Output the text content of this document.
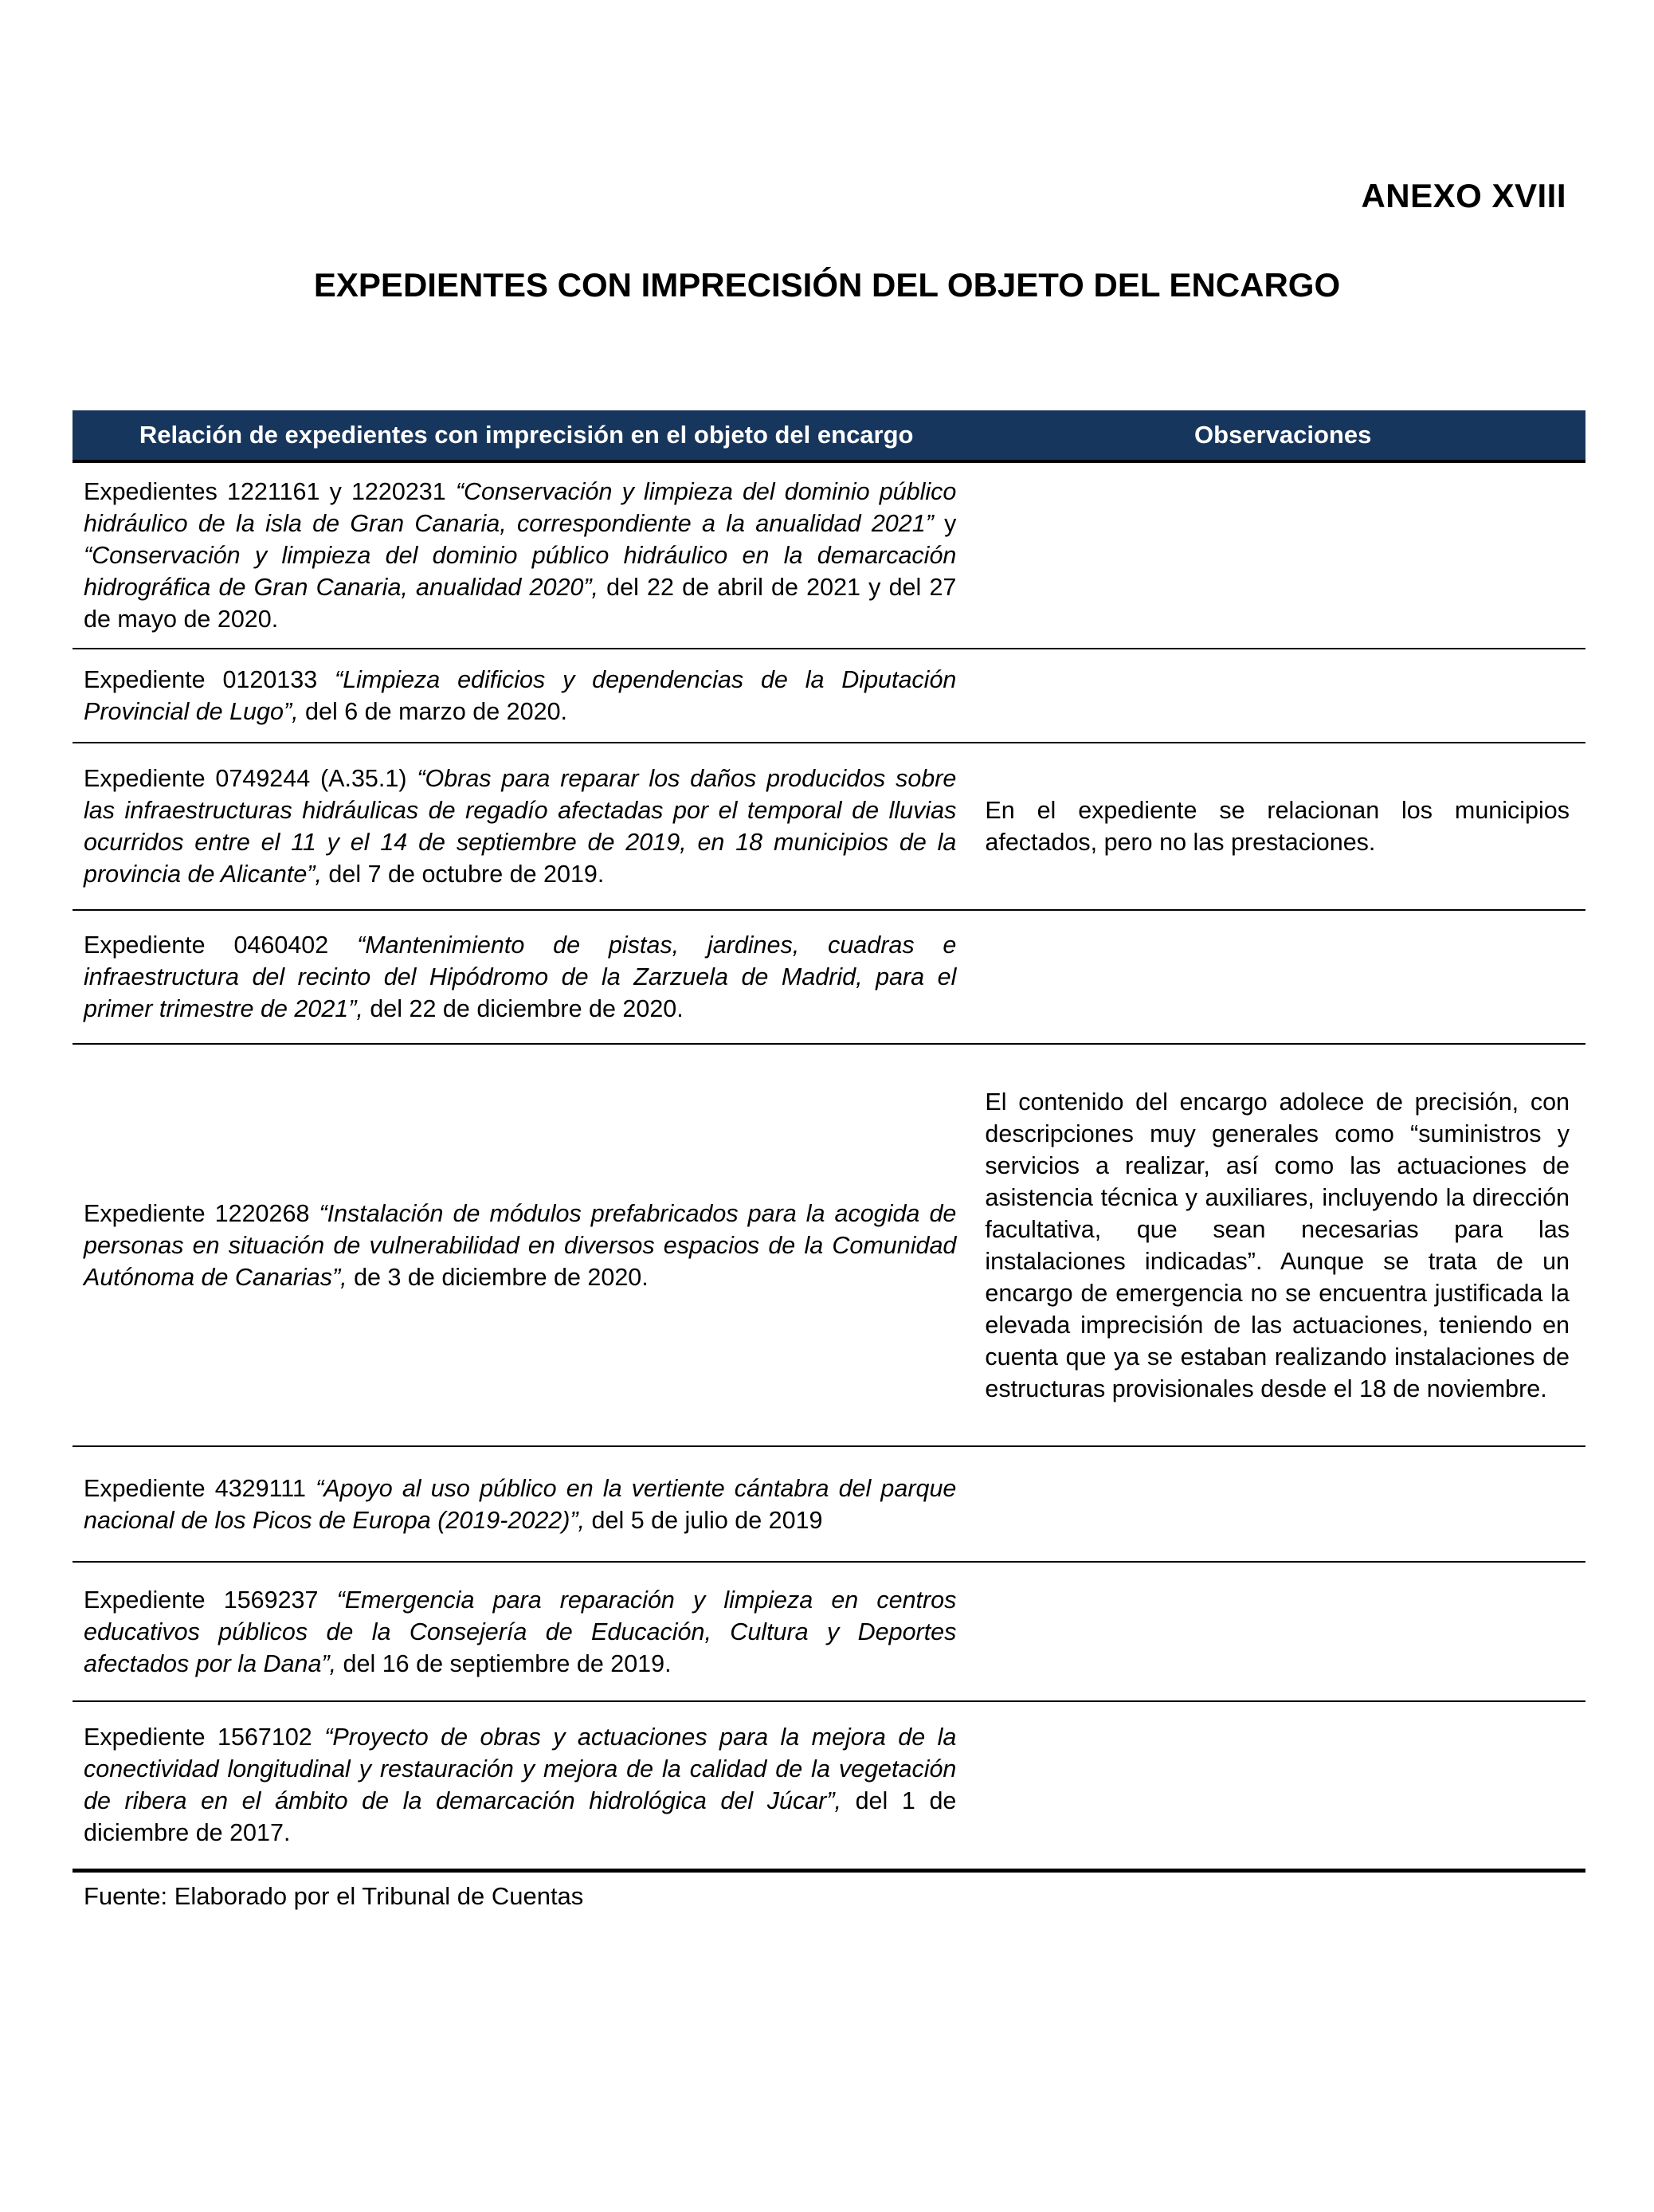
ANEXO XVIII
EXPEDIENTES CON IMPRECISIÓN DEL OBJETO DEL ENCARGO
Relación de expedientes con imprecisión en el objeto del encargo	Observaciones
Expedientes 1221161 y 1220231 “Conservación y limpieza del dominio público hidráulico de la isla de Gran Canaria, correspondiente a la anualidad 2021” y “Conservación y limpieza del dominio público hidráulico en la demarcación hidrográfica de Gran Canaria, anualidad 2020”, del 22 de abril de 2021 y del 27 de mayo de 2020.	
Expediente 0120133 “Limpieza edificios y dependencias de la Diputación Provincial de Lugo”, del 6 de marzo de 2020.	
Expediente 0749244 (A.35.1) “Obras para reparar los daños producidos sobre las infraestructuras hidráulicas de regadío afectadas por el temporal de lluvias ocurridos entre el 11 y el 14 de septiembre de 2019, en 18 municipios de la provincia de Alicante”, del 7 de octubre de 2019.	En el expediente se relacionan los municipios afectados, pero no las prestaciones.
Expediente 0460402 “Mantenimiento de pistas, jardines, cuadras e infraestructura del recinto del Hipódromo de la Zarzuela de Madrid, para el primer trimestre de 2021”, del 22 de diciembre de 2020.	
Expediente 1220268 “Instalación de módulos prefabricados para la acogida de personas en situación de vulnerabilidad en diversos espacios de la Comunidad Autónoma de Canarias”, de 3 de diciembre de 2020.	El contenido del encargo adolece de precisión, con descripciones muy generales como “suministros y servicios a realizar, así como las actuaciones de asistencia técnica y auxiliares, incluyendo la dirección facultativa, que sean necesarias para las instalaciones indicadas”. Aunque se trata de un encargo de emergencia no se encuentra justificada la elevada imprecisión de las actuaciones, teniendo en cuenta que ya se estaban realizando instalaciones de estructuras provisionales desde el 18 de noviembre.
Expediente 4329111 “Apoyo al uso público en la vertiente cántabra del parque nacional de los Picos de Europa (2019-2022)”, del 5 de julio de 2019	
Expediente 1569237 “Emergencia para reparación y limpieza en centros educativos públicos de la Consejería de Educación, Cultura y Deportes afectados por la Dana”, del 16 de septiembre de 2019.	
Expediente 1567102 “Proyecto de obras y actuaciones para la mejora de la conectividad longitudinal y restauración y mejora de la calidad de la vegetación de ribera en el ámbito de la demarcación hidrológica del Júcar”, del 1 de diciembre de 2017.	
Fuente: Elaborado por el Tribunal de Cuentas
